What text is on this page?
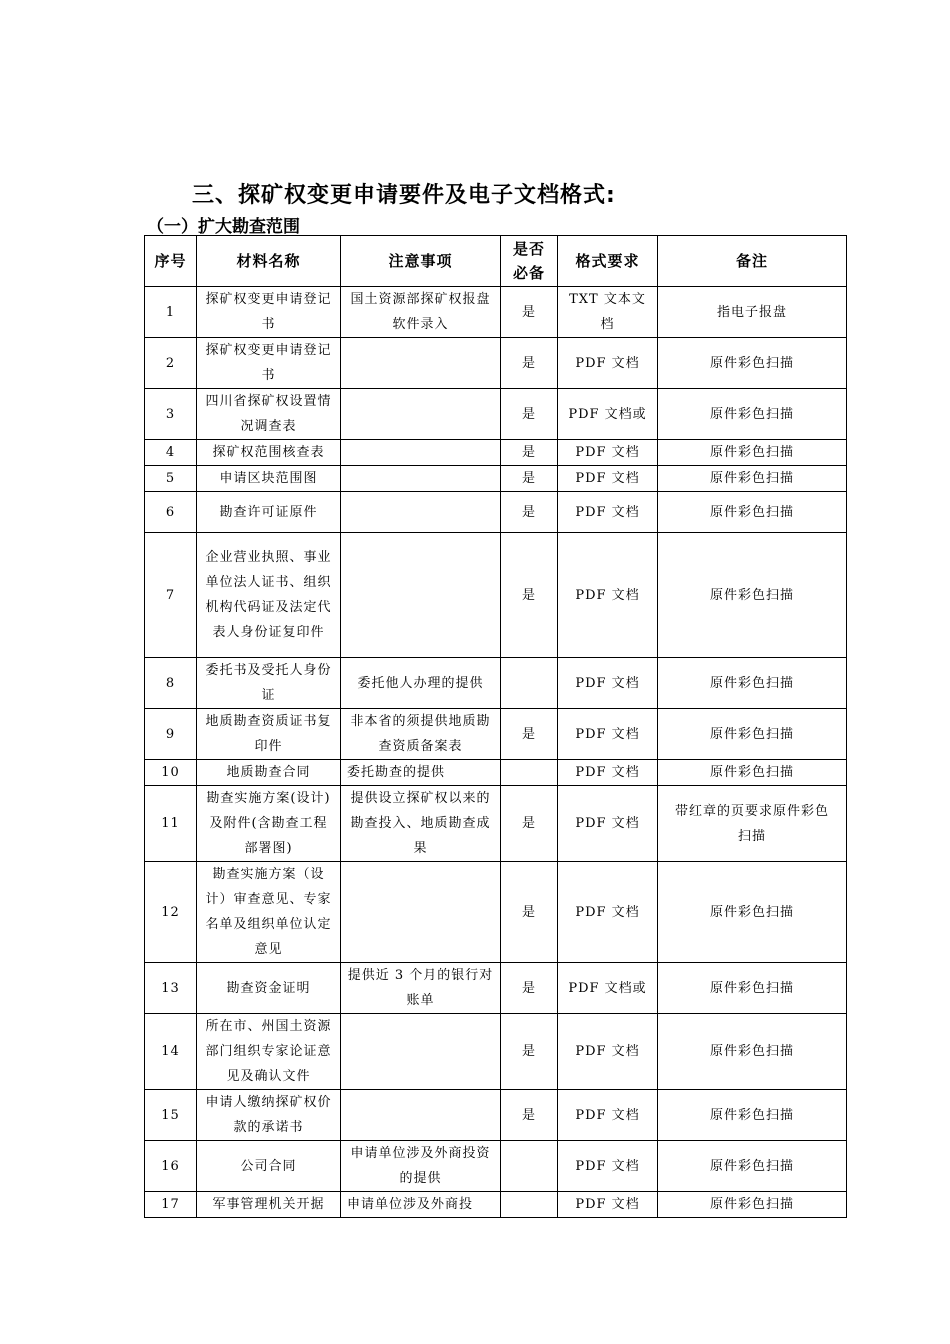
三、探矿权变更申请要件及电子文档格式:
（一）扩大勘查范围
序号	材料名称	注意事项	是否必备	格式要求	备注
1	探矿权变更申请登记书	国土资源部探矿权报盘软件录入	是	TXT 文本文档	指电子报盘
2	探矿权变更申请登记书		是	PDF 文档	原件彩色扫描
3	四川省探矿权设置情况调查表		是	PDF 文档或	原件彩色扫描
4	探矿权范围核查表		是	PDF 文档	原件彩色扫描
5	申请区块范围图		是	PDF 文档	原件彩色扫描
6	勘查许可证原件		是	PDF 文档	原件彩色扫描
7	企业营业执照、事业单位法人证书、组织机构代码证及法定代表人身份证复印件		是	PDF 文档	原件彩色扫描
8	委托书及受托人身份证	委托他人办理的提供		PDF 文档	原件彩色扫描
9	地质勘查资质证书复印件	非本省的须提供地质勘查资质备案表	是	PDF 文档	原件彩色扫描
10	地质勘查合同	委托勘查的提供		PDF 文档	原件彩色扫描
11	勘查实施方案(设计)及附件(含勘查工程部署图)	提供设立探矿权以来的勘查投入、地质勘查成果	是	PDF 文档	带红章的页要求原件彩色扫描
12	勘查实施方案（设计）审查意见、专家名单及组织单位认定意见		是	PDF 文档	原件彩色扫描
13	勘查资金证明	提供近 3 个月的银行对账单	是	PDF 文档或	原件彩色扫描
14	所在市、州国土资源部门组织专家论证意见及确认文件		是	PDF 文档	原件彩色扫描
15	申请人缴纳探矿权价款的承诺书		是	PDF 文档	原件彩色扫描
16	公司合同	申请单位涉及外商投资的提供		PDF 文档	原件彩色扫描
17	军事管理机关开据	申请单位涉及外商投		PDF 文档	原件彩色扫描
